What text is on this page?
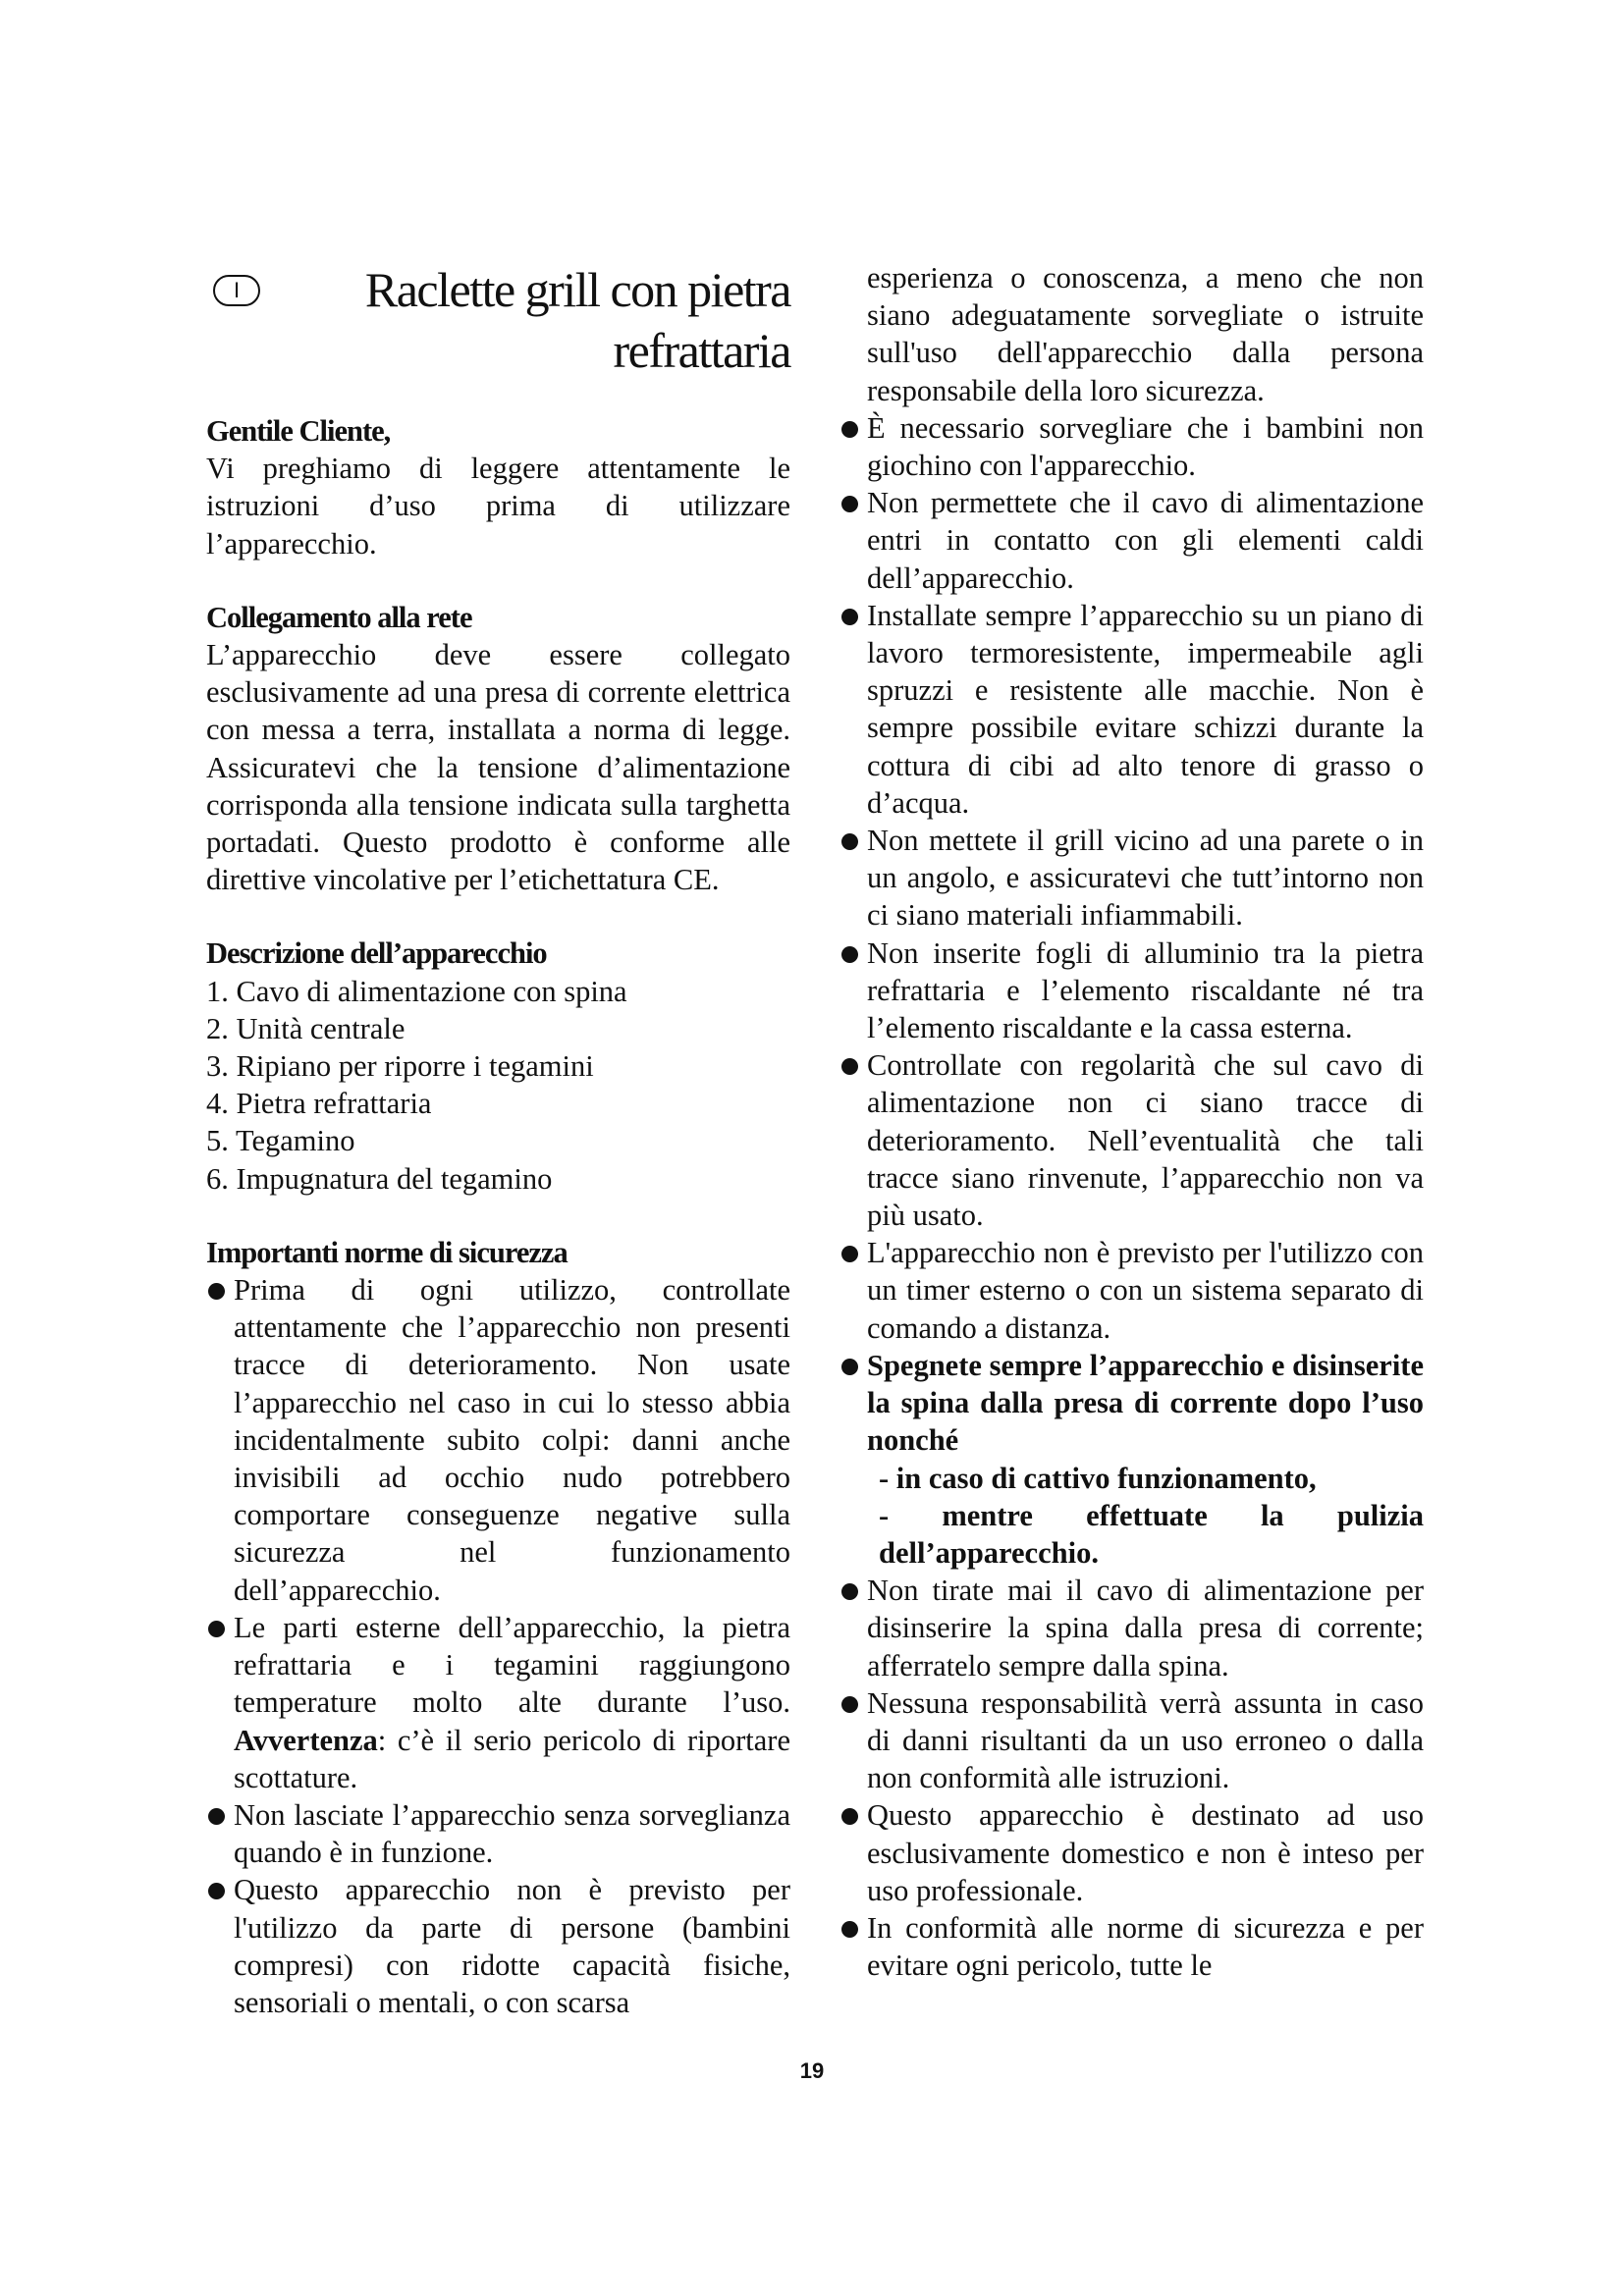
I	Raclette grill con pietra
refrattaria

Gentile Cliente,

Vi preghiamo di leggere attentamente le istruzioni d’uso prima di utilizzare l’apparecchio.

Collegamento alla rete

L’apparecchio deve essere collegato esclusivamente ad una presa di corrente elettrica con messa a terra, installata a norma di legge. Assicuratevi che la tensione d’alimentazione corrisponda alla tensione indicata sulla targhetta portadati. Questo prodotto è conforme alle direttive vincolative per l’etichettatura CE.

Descrizione dell’apparecchio

1. Cavo di alimentazione con spina
2. Unità centrale
3. Ripiano per riporre i tegamini
4. Pietra refrattaria
5. Tegamino
6. Impugnatura del tegamino

Importanti norme di sicurezza

Prima di ogni utilizzo, controllate attentamente che l’apparecchio non presenti tracce di deterioramento. Non usate l’apparecchio nel caso in cui lo stesso abbia incidentalmente subito colpi: danni anche invisibili ad occhio nudo potrebbero comportare conseguenze negative sulla sicurezza nel funzionamento dell’apparecchio.
Le parti esterne dell’apparecchio, la pietra refrattaria e i tegamini raggiungono temperature molto alte durante l’uso. Avvertenza: c’è il serio pericolo di riportare scottature.
Non lasciate l’apparecchio senza sorveglianza quando è in funzione.
Questo apparecchio non è previsto per l'utilizzo da parte di persone (bambini compresi) con ridotte capacità fisiche, sensoriali o mentali, o con scarsa
esperienza o conoscenza, a meno che non siano adeguatamente sorvegliate o istruite sull'uso dell'apparecchio dalla persona responsabile della loro sicurezza.
È necessario sorvegliare che i bambini non giochino con l'apparecchio.
Non permettete che il cavo di alimentazione entri in contatto con gli elementi caldi dell’apparecchio.
Installate sempre l’apparecchio su un piano di lavoro termoresistente, impermeabile agli spruzzi e resistente alle macchie. Non è sempre possibile evitare schizzi durante la cottura di cibi ad alto tenore di grasso o d’acqua.
Non mettete il grill vicino ad una parete o in un angolo, e assicuratevi che tutt’intorno non ci siano materiali infiammabili.
Non inserite fogli di alluminio tra la pietra refrattaria e l’elemento riscaldante né tra l’elemento riscaldante e la cassa esterna.
Controllate con regolarità che sul cavo di alimentazione non ci siano tracce di deterioramento. Nell’eventualità che tali tracce siano rinvenute, l’apparecchio non va più usato.
L'apparecchio non è previsto per l'utilizzo con un timer esterno o con un sistema separato di comando a distanza.
Spegnete sempre l’apparecchio e disinserite la spina dalla presa di corrente dopo l’uso nonché
- in caso di cattivo funzionamento,
- mentre effettuate la pulizia dell’apparecchio.
Non tirate mai il cavo di alimentazione per disinserire la spina dalla presa di corrente; afferratelo sempre dalla spina.
Nessuna responsabilità verrà assunta in caso di danni risultanti da un uso erroneo o dalla non conformità alle istruzioni.
Questo apparecchio è destinato ad uso esclusivamente domestico e non è inteso per uso professionale.
In conformità alle norme di sicurezza e per evitare ogni pericolo, tutte le
19
